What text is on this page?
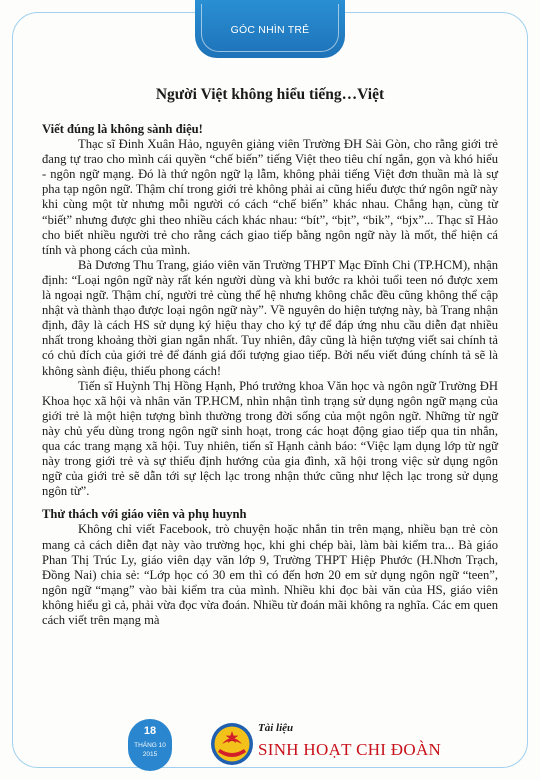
GÓC NHÌN TRẺ
Người Việt không hiểu tiếng…Việt
Viết đúng là không sành điệu!

Thạc sĩ Đinh Xuân Hảo, nguyên giảng viên Trường ĐH Sài Gòn, cho rằng giới trẻ đang tự trao cho mình cái quyền “chế biến” tiếng Việt theo tiêu chí ngắn, gọn và khó hiểu - ngôn ngữ mạng. Đó là thứ ngôn ngữ lạ lẫm, không phải tiếng Việt đơn thuần mà là sự pha tạp ngôn ngữ. Thậm chí trong giới trẻ không phải ai cũng hiểu được thứ ngôn ngữ này khi cùng một từ nhưng mỗi người có cách “chế biến” khác nhau. Chẳng hạn, cùng từ “biết” nhưng được ghi theo nhiều cách khác nhau: “bít”, “bịt”, “bik”, “bjx”... Thạc sĩ Hảo cho biết nhiều người trẻ cho rằng cách giao tiếp bằng ngôn ngữ này là mốt, thể hiện cá tính và phong cách của mình.

Bà Dương Thu Trang, giáo viên văn Trường THPT Mạc Đĩnh Chi (TP.HCM), nhận định: “Loại ngôn ngữ này rất kén người dùng và khi bước ra khỏi tuổi teen nó được xem là ngoại ngữ. Thậm chí, người trẻ cùng thế hệ nhưng không chắc đều cũng không thể cập nhật và thành thạo được loại ngôn ngữ này”. Về nguyên do hiện tượng này, bà Trang nhận định, đây là cách HS sử dụng ký hiệu thay cho ký tự để đáp ứng nhu cầu diễn đạt nhiều nhất trong khoảng thời gian ngắn nhất. Tuy nhiên, đây cũng là hiện tượng viết sai chính tả có chủ đích của giới trẻ để đánh giá đối tượng giao tiếp. Bởi nếu viết đúng chính tả sẽ là không sành điệu, thiếu phong cách!

Tiến sĩ Huỳnh Thị Hồng Hạnh, Phó trưởng khoa Văn học và ngôn ngữ Trường ĐH Khoa học xã hội và nhân văn TP.HCM, nhìn nhận tình trạng sử dụng ngôn ngữ mạng của giới trẻ là một hiện tượng bình thường trong đời sống của một ngôn ngữ. Những từ ngữ này chủ yếu dùng trong ngôn ngữ sinh hoạt, trong các hoạt động giao tiếp qua tin nhắn, qua các trang mạng xã hội. Tuy nhiên, tiến sĩ Hạnh cảnh báo: “Việc lạm dụng lớp từ ngữ này trong giới trẻ và sự thiếu định hướng của gia đình, xã hội trong việc sử dụng ngôn ngữ của giới trẻ sẽ dẫn tới sự lệch lạc trong nhận thức cũng như lệch lạc trong sử dụng ngôn từ”.

Thử thách với giáo viên và phụ huynh

Không chỉ viết Facebook, trò chuyện hoặc nhắn tin trên mạng, nhiều bạn trẻ còn mang cả cách diễn đạt này vào trường học, khi ghi chép bài, làm bài kiểm tra... Bà giáo Phan Thị Trúc Ly, giáo viên dạy văn lớp 9, Trường THPT Hiệp Phước (H.Nhơn Trạch, Đồng Nai) chia sẻ: “Lớp học có 30 em thì có đến hơn 20 em sử dụng ngôn ngữ “teen”, ngôn ngữ “mạng” vào bài kiểm tra của mình. Nhiều khi đọc bài văn của HS, giáo viên không hiểu gì cả, phải vừa đọc vừa đoán. Nhiều từ đoán mãi không ra nghĩa. Các em quen cách viết trên mạng mà

18
THÁNG 10
2015
Tài liệu
SINH HOẠT CHI ĐOÀN
